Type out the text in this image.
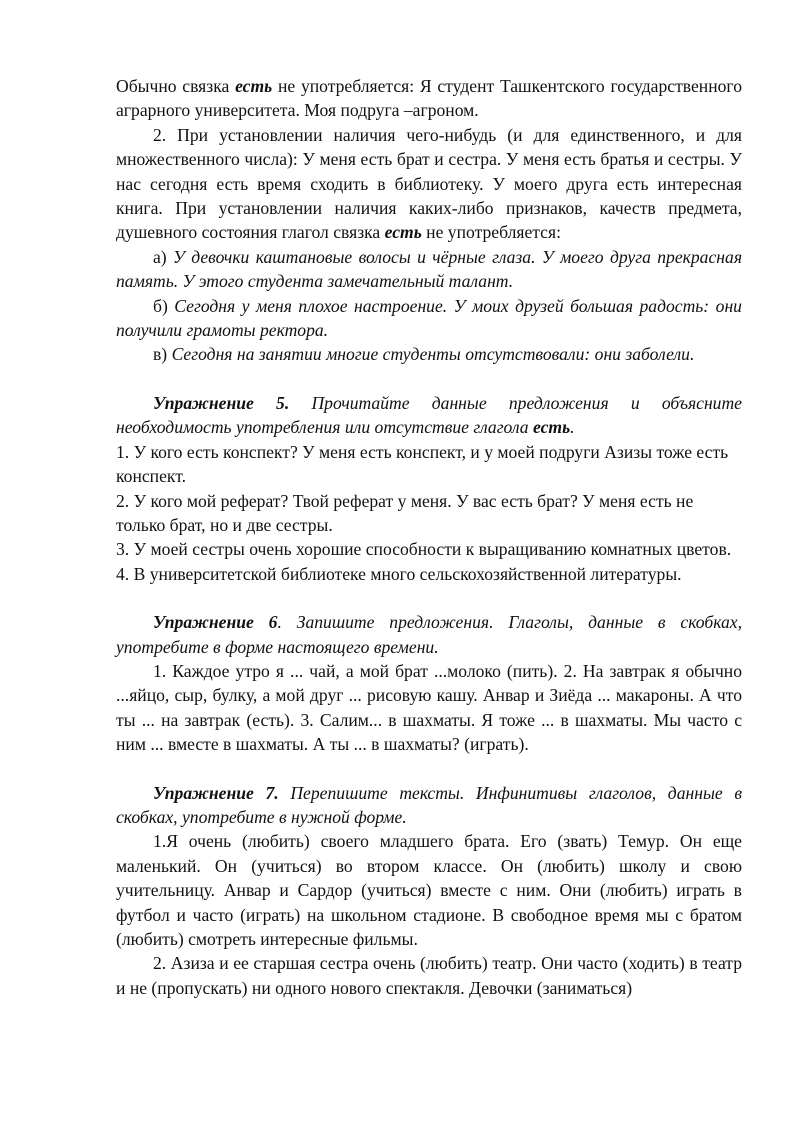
Обычно связка есть не употребляется: Я студент Ташкентского государственного аграрного университета. Моя подруга –агроном.

2. При установлении наличия чего-нибудь (и для единственного, и для множественного числа): У меня есть брат и сестра. У меня есть братья и сестры. У нас сегодня есть время сходить в библиотеку. У моего друга есть интересная книга. При установлении наличия каких-либо признаков, качеств предмета, душевного состояния глагол связка есть не употребляется:

а) У девочки каштановые волосы и чёрные глаза. У моего друга прекрасная память. У этого студента замечательный талант.

б) Сегодня у меня плохое настроение. У моих друзей большая радость: они получили грамоты ректора.

в) Сегодня на занятии многие студенты отсутствовали: они заболели.

Упражнение 5. Прочитайте данные предложения и объясните необходимость употребления или отсутствие глагола есть.

1. У кого есть конспект? У меня есть конспект, и у моей подруги Азизы тоже есть конспект.

2. У кого мой реферат? Твой реферат у меня. У вас есть брат? У меня есть не только брат, но и две сестры.

3. У моей сестры очень хорошие способности к выращиванию комнатных цветов.

4. В университетской библиотеке много сельскохозяйственной литературы.

Упражнение 6. Запишите предложения. Глаголы, данные в скобках, употребите в форме настоящего времени.

1. Каждое утро я ... чай, а мой брат ...молоко (пить). 2. На завтрак я обычно ...яйцо, сыр, булку, а мой друг ... рисовую кашу. Анвар и Зиёда ... макароны. А что ты ... на завтрак (есть). 3. Салим... в шахматы. Я тоже ... в шахматы. Мы часто с ним ... вместе в шахматы. А ты ... в шахматы? (играть).

Упражнение 7. Перепишите тексты. Инфинитивы глаголов, данные в скобках, употребите в нужной форме.

1.Я очень (любить) своего младшего брата. Его (звать) Темур. Он еще маленький. Он (учиться) во втором классе. Он (любить) школу и свою учительницу. Анвар и Сардор (учиться) вместе с ним. Они (любить) играть в футбол и часто (играть) на школьном стадионе. В свободное время мы с братом (любить) смотреть интересные фильмы.

2. Азиза и ее старшая сестра очень (любить) театр. Они часто (ходить) в театр и не (пропускать) ни одного нового спектакля. Девочки (заниматься)
